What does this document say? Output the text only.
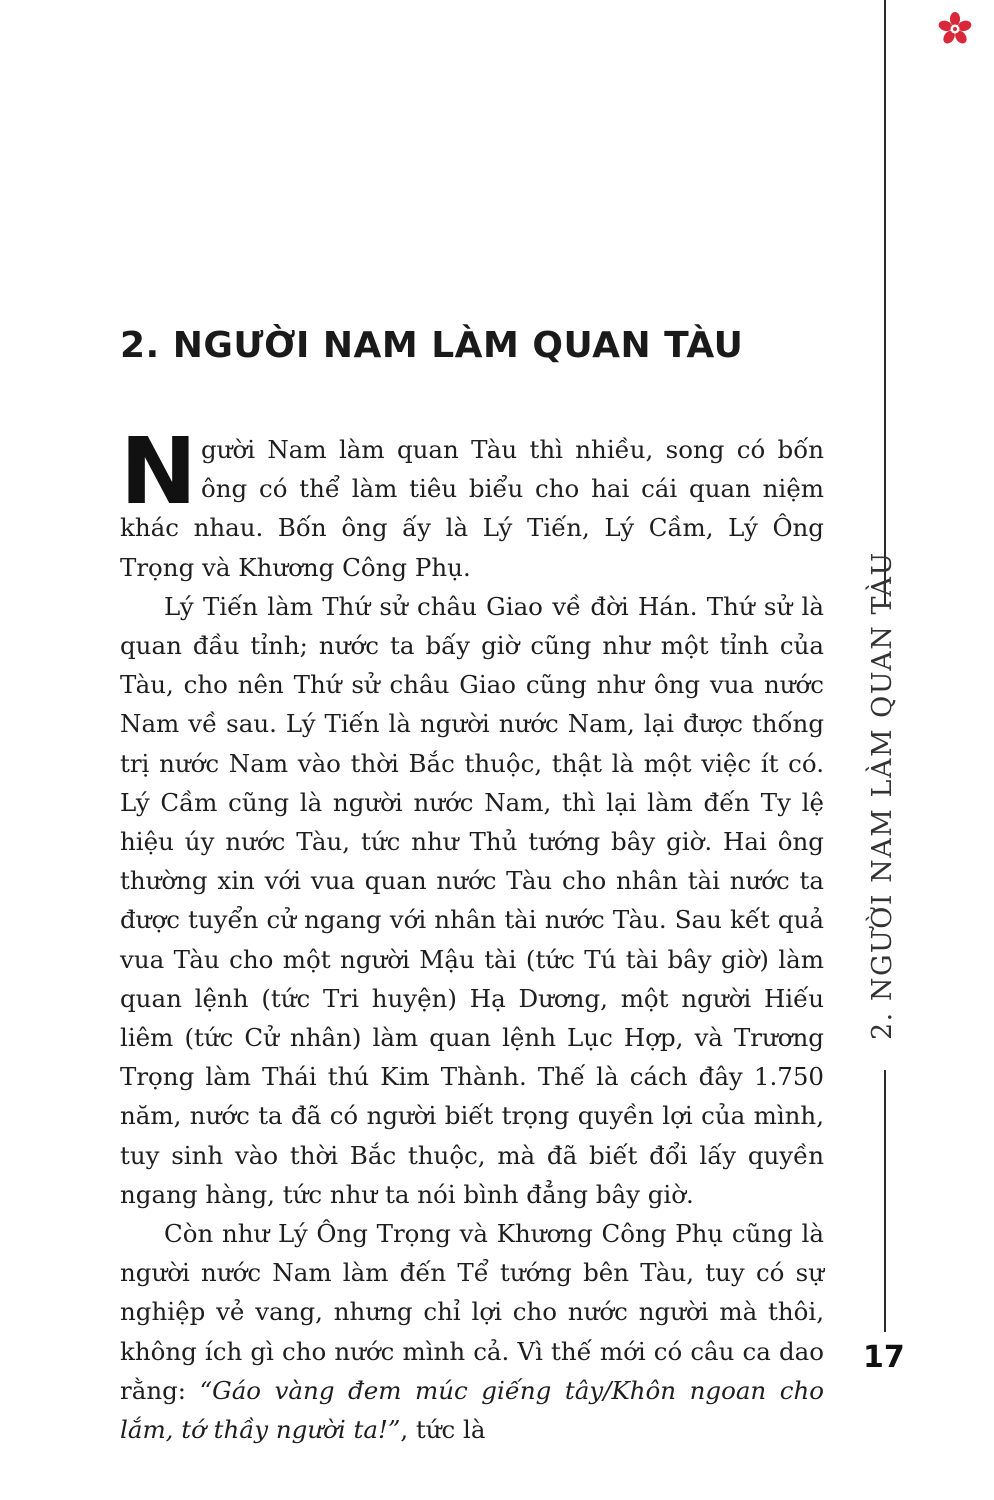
2. NGƯỜI NAM LÀM QUAN TÀU
2. NGƯỜI NAM LÀM QUAN TÀU

Người Nam làm quan Tàu thì nhiều, song có bốn ông có thể làm tiêu biểu cho hai cái quan niệm khác nhau. Bốn ông ấy là Lý Tiến, Lý Cầm, Lý Ông Trọng và Khương Công Phụ.

Lý Tiến làm Thứ sử châu Giao về đời Hán. Thứ sử là quan đầu tỉnh; nước ta bấy giờ cũng như một tỉnh của Tàu, cho nên Thứ sử châu Giao cũng như ông vua nước Nam về sau. Lý Tiến là người nước Nam, lại được thống trị nước Nam vào thời Bắc thuộc, thật là một việc ít có. Lý Cầm cũng là người nước Nam, thì lại làm đến Ty lệ hiệu úy nước Tàu, tức như Thủ tướng bây giờ. Hai ông thường xin với vua quan nước Tàu cho nhân tài nước ta được tuyển cử ngang với nhân tài nước Tàu. Sau kết quả vua Tàu cho một người Mậu tài (tức Tú tài bây giờ) làm quan lệnh (tức Tri huyện) Hạ Dương, một người Hiếu liêm (tức Cử nhân) làm quan lệnh Lục Hợp, và Trương Trọng làm Thái thú Kim Thành. Thế là cách đây 1.750 năm, nước ta đã có người biết trọng quyền lợi của mình, tuy sinh vào thời Bắc thuộc, mà đã biết đổi lấy quyền ngang hàng, tức như ta nói bình đẳng bây giờ.

Còn như Lý Ông Trọng và Khương Công Phụ cũng là người nước Nam làm đến Tể tướng bên Tàu, tuy có sự nghiệp vẻ vang, nhưng chỉ lợi cho nước người mà thôi, không ích gì cho nước mình cả. Vì thế mới có câu ca dao rằng: “Gáo vàng đem múc giếng tây/Khôn ngoan cho lắm, tớ thầy người ta!”, tức là

17
